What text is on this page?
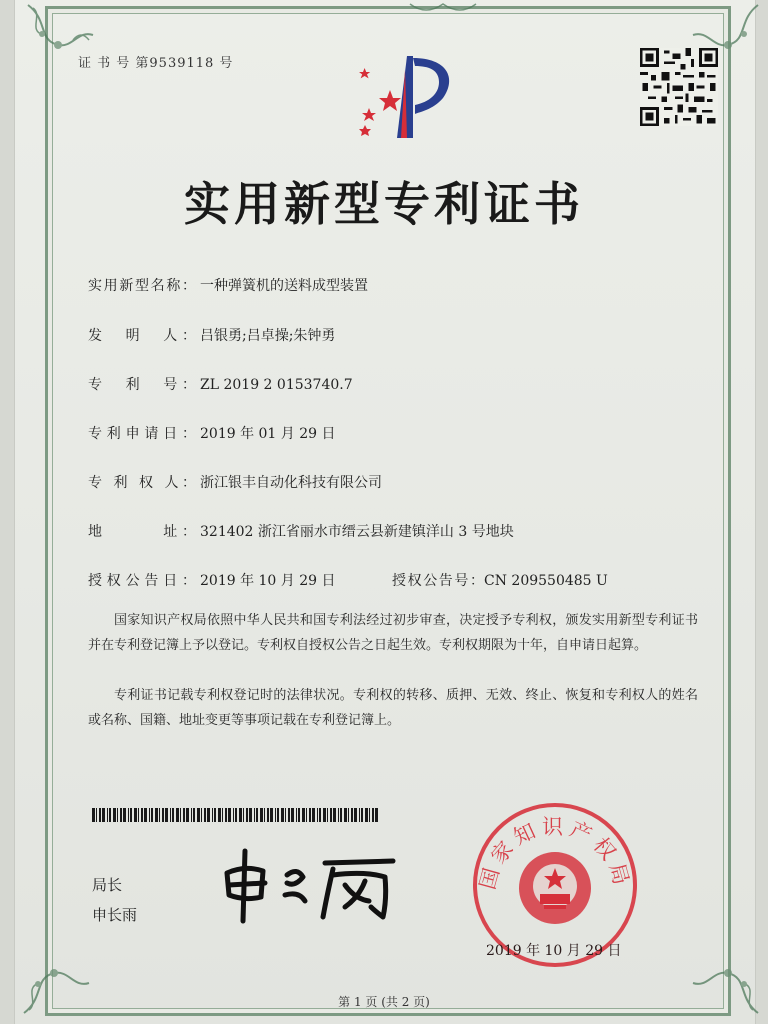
证 书 号 第9539118 号
实用新型专利证书
实用新型名称： 一种弹簧机的送料成型装置
发　明　人： 吕银勇;吕卓操;朱钟勇
专　利　号： ZL 2019 2 0153740.7
专利申请日： 2019 年 01 月 29 日
专 利 权 人： 浙江银丰自动化科技有限公司
地　　　址： 321402 浙江省丽水市缙云县新建镇洋山 3 号地块
授权公告日： 2019 年 10 月 29 日	授权公告号：CN 209550485 U
国家知识产权局依照中华人民共和国专利法经过初步审查，决定授予专利权，颁发实用新型专利证书并在专利登记簿上予以登记。专利权自授权公告之日起生效。专利权期限为十年，自申请日起算。
专利证书记载专利权登记时的法律状况。专利权的转移、质押、无效、终止、恢复和专利权人的姓名或名称、国籍、地址变更等事项记载在专利登记簿上。
局长
申长雨
国家知识产权局
2019 年 10 月 29 日
第 1 页 (共 2 页)
